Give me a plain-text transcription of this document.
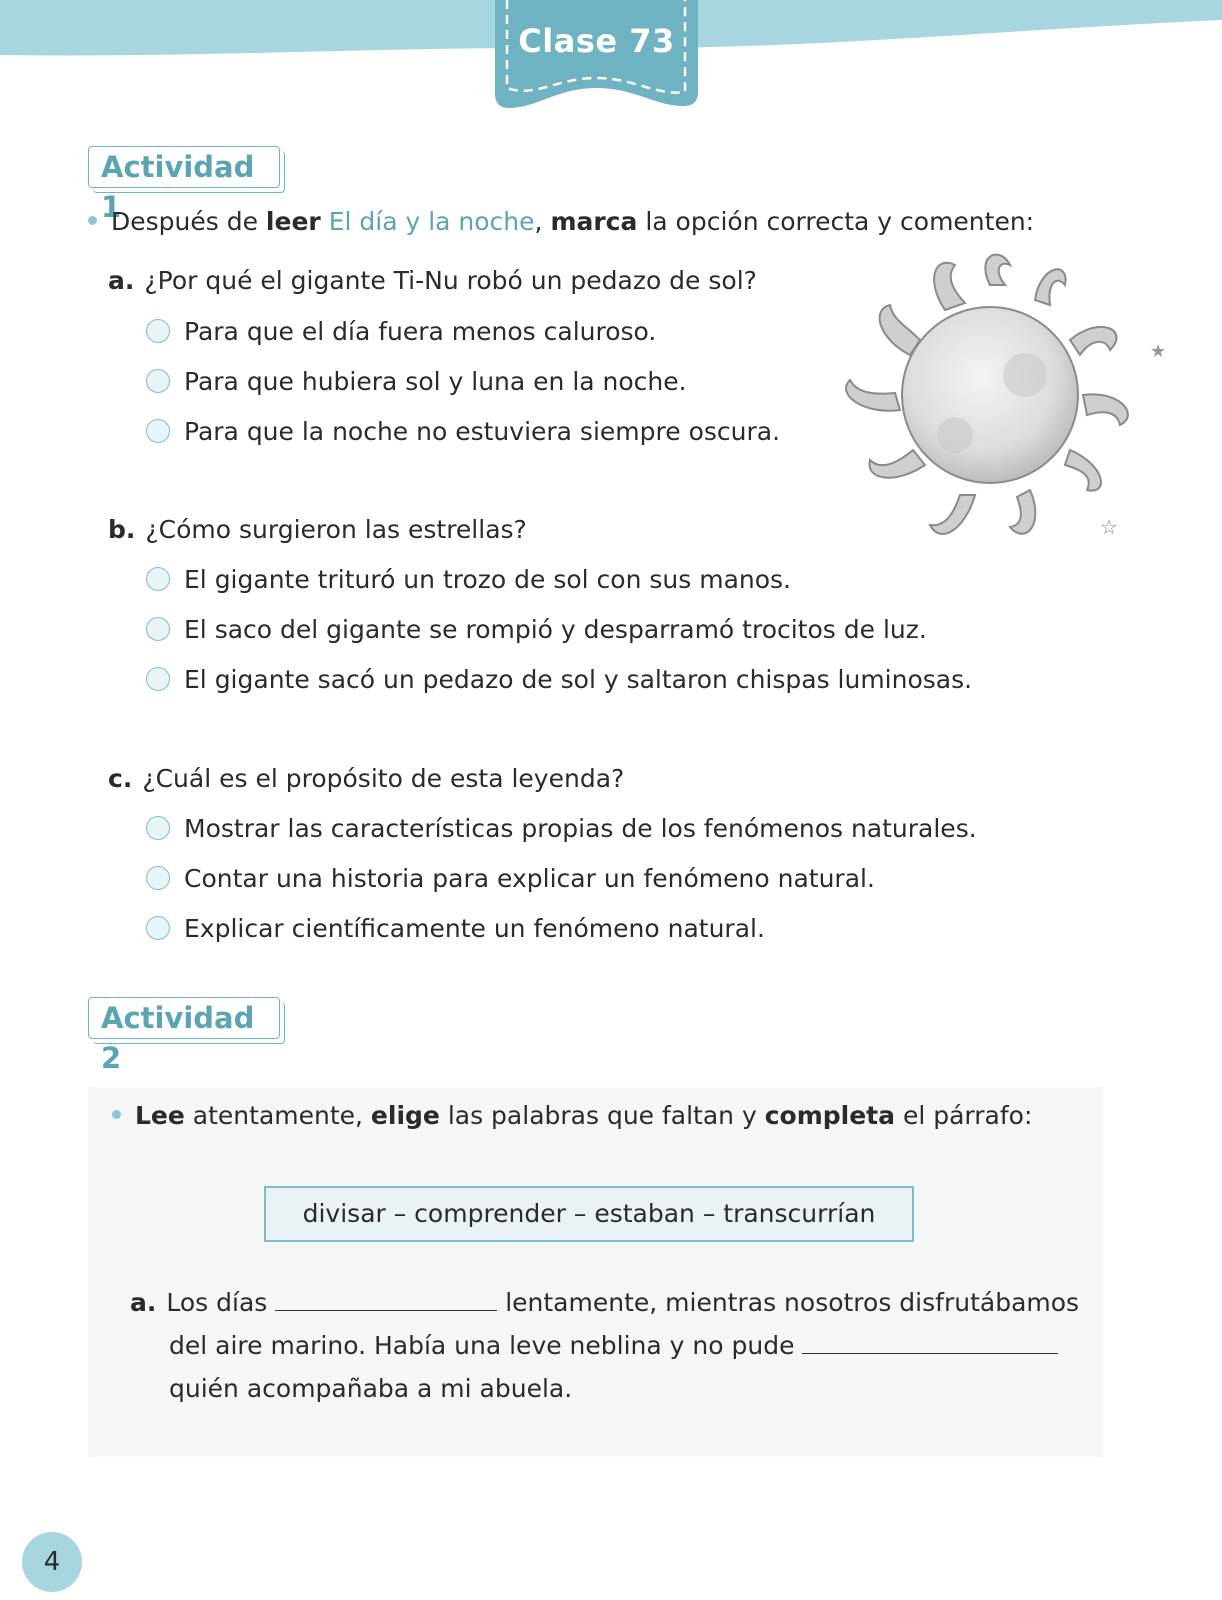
Clase 73
Actividad 1
Después de leer El día y la noche, marca la opción correcta y comenten:
a. ¿Por qué el gigante Ti-Nu robó un pedazo de sol?
Para que el día fuera menos caluroso.
Para que hubiera sol y luna en la noche.
Para que la noche no estuviera siempre oscura.
b. ¿Cómo surgieron las estrellas?
El gigante trituró un trozo de sol con sus manos.
El saco del gigante se rompió y desparramó trocitos de luz.
El gigante sacó un pedazo de sol y saltaron chispas luminosas.
c. ¿Cuál es el propósito de esta leyenda?
Mostrar las características propias de los fenómenos naturales.
Contar una historia para explicar un fenómeno natural.
Explicar científicamente un fenómeno natural.
★
☆
Actividad 2
Lee atentamente, elige las palabras que faltan y completa el párrafo:
divisar – comprender – estaban – transcurrían
a. Los días	lentamente, mientras nosotros disfrutábamos
del aire marino. Había una leve neblina y no pude
quién acompañaba a mi abuela.
4
